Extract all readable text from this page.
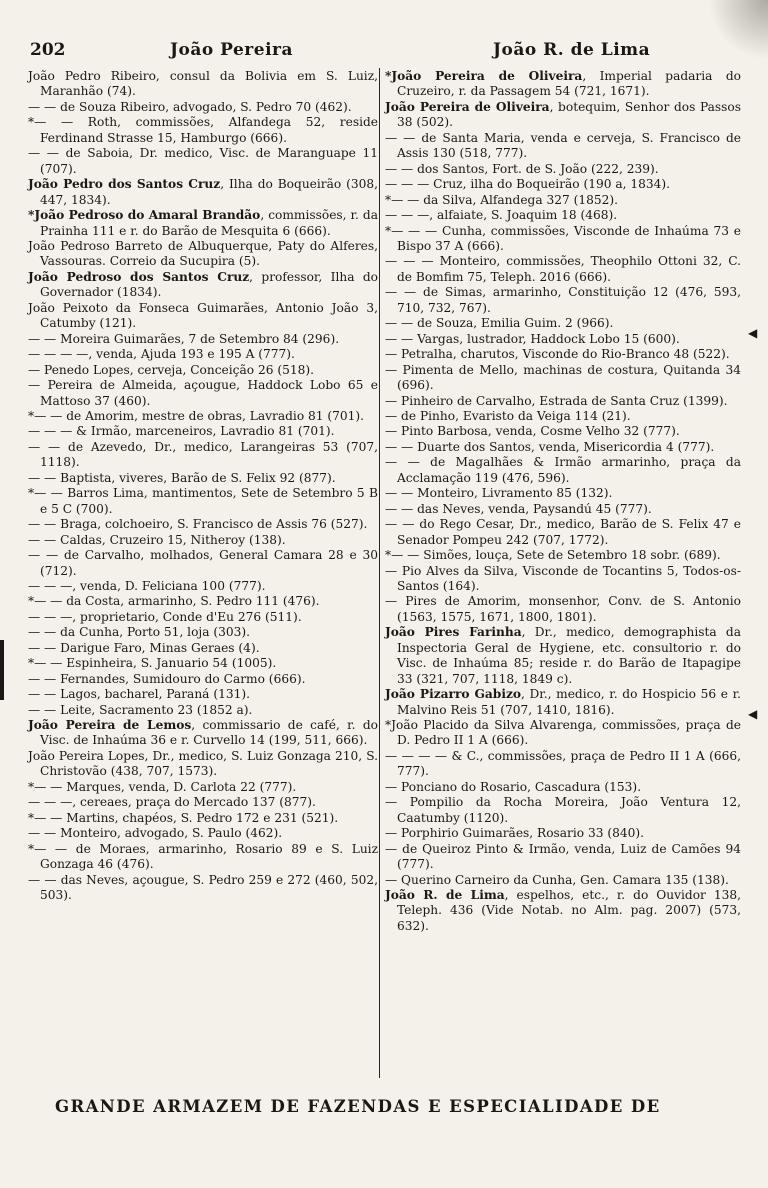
202	João Pereira	João R. de Lima

João Pedro Ribeiro, consul da Bolivia em S. Luiz, Maranhão (74).

— — de Souza Ribeiro, advogado, S. Pedro 70 (462).

*— — Roth, commissões, Alfandega 52, reside Ferdinand Strasse 15, Hamburgo (666).

— — de Saboia, Dr. medico, Visc. de Maranguape 11 (707).

João Pedro dos Santos Cruz, Ilha do Boqueirão (308, 447, 1834).

*João Pedroso do Amaral Brandão, commissões, r. da Prainha 111 e r. do Barão de Mesquita 6 (666).

João Pedroso Barreto de Albuquerque, Paty do Alferes, Vassouras. Correio da Sucupira (5).

João Pedroso dos Santos Cruz, professor, Ilha do Governador (1834).

João Peixoto da Fonseca Guimarães, Antonio João 3, Catumby (121).

— — Moreira Guimarães, 7 de Setembro 84 (296).

— — — —, venda, Ajuda 193 e 195 A (777).

— Penedo Lopes, cerveja, Conceição 26 (518).

— Pereira de Almeida, açougue, Haddock Lobo 65 e Mattoso 37 (460).

*— — de Amorim, mestre de obras, Lavradio 81 (701).

— — — & Irmão, marceneiros, Lavradio 81 (701).

— — de Azevedo, Dr., medico, Larangeiras 53 (707, 1118).

— — Baptista, viveres, Barão de S. Felix 92 (877).

*— — Barros Lima, mantimentos, Sete de Setembro 5 B e 5 C (700).

— — Braga, colchoeiro, S. Francisco de Assis 76 (527).

— — Caldas, Cruzeiro 15, Nitheroy (138).

— — de Carvalho, molhados, General Camara 28 e 30 (712).

— — —, venda, D. Feliciana 100 (777).

*— — da Costa, armarinho, S. Pedro 111 (476).

— — —, proprietario, Conde d'Eu 276 (511).

— — da Cunha, Porto 51, loja (303).

— — Darigue Faro, Minas Geraes (4).

*— — Espinheira, S. Januario 54 (1005).

— — Fernandes, Sumidouro do Carmo (666).

— — Lagos, bacharel, Paraná (131).

— — Leite, Sacramento 23 (1852 a).

João Pereira de Lemos, commissario de café, r. do Visc. de Inhaúma 36 e r. Curvello 14 (199, 511, 666).

João Pereira Lopes, Dr., medico, S. Luiz Gonzaga 210, S. Christovão (438, 707, 1573).

*— — Marques, venda, D. Carlota 22 (777).

— — —, cereaes, praça do Mercado 137 (877).

*— — Martins, chapéos, S. Pedro 172 e 231 (521).

— — Monteiro, advogado, S. Paulo (462).

*— — de Moraes, armarinho, Rosario 89 e S. Luiz Gonzaga 46 (476).

— — das Neves, açougue, S. Pedro 259 e 272 (460, 502, 503).

*João Pereira de Oliveira, Imperial padaria do Cruzeiro, r. da Passagem 54 (721, 1671).

João Pereira de Oliveira, botequim, Senhor dos Passos 38 (502).

— — de Santa Maria, venda e cerveja, S. Francisco de Assis 130 (518, 777).

— — dos Santos, Fort. de S. João (222, 239).

— — — Cruz, ilha do Boqueirão (190 a, 1834).

*— — da Silva, Alfandega 327 (1852).

— — —, alfaiate, S. Joaquim 18 (468).

*— — — Cunha, commissões, Visconde de Inhaúma 73 e Bispo 37 A (666).

— — — Monteiro, commissões, Theophilo Ottoni 32, C. de Bomfim 75, Teleph. 2016 (666).

— — de Simas, armarinho, Constituição 12 (476, 593, 710, 732, 767).

— — de Souza, Emilia Guim. 2 (966).

— — Vargas, lustrador, Haddock Lobo 15 (600).

— Petralha, charutos, Visconde do Rio-Branco 48 (522).

— Pimenta de Mello, machinas de costura, Quitanda 34 (696).

— Pinheiro de Carvalho, Estrada de Santa Cruz (1399).

— de Pinho, Evaristo da Veiga 114 (21).

— Pinto Barbosa, venda, Cosme Velho 32 (777).

— — Duarte dos Santos, venda, Misericordia 4 (777).

— — de Magalhães & Irmão armarinho, praça da Acclamação 119 (476, 596).

— — Monteiro, Livramento 85 (132).

— — das Neves, venda, Paysandú 45 (777).

— — do Rego Cesar, Dr., medico, Barão de S. Felix 47 e Senador Pompeu 242 (707, 1772).

*— — Simões, louça, Sete de Setembro 18 sobr. (689).

— Pio Alves da Silva, Visconde de Tocantins 5, Todos-os-Santos (164).

— Pires de Amorim, monsenhor, Conv. de S. Antonio (1563, 1575, 1671, 1800, 1801).

João Pires Farinha, Dr., medico, demographista da Inspectoria Geral de Hygiene, etc. consultorio r. do Visc. de Inhaúma 85; reside r. do Barão de Itapagipe 33 (321, 707, 1118, 1849 c).

João Pizarro Gabizo, Dr., medico, r. do Hospicio 56 e r. Malvino Reis 51 (707, 1410, 1816).

*João Placido da Silva Alvarenga, commissões, praça de D. Pedro II 1 A (666).

— — — — & C., commissões, praça de Pedro II 1 A (666, 777).

— Ponciano do Rosario, Cascadura (153).

— Pompilio da Rocha Moreira, João Ventura 12, Caatumby (1120).

— Porphirio Guimarães, Rosario 33 (840).

— de Queiroz Pinto & Irmão, venda, Luiz de Camões 94 (777).

— Querino Carneiro da Cunha, Gen. Camara 135 (138).

João R. de Lima, espelhos, etc., r. do Ouvidor 138, Teleph. 436 (Vide Notab. no Alm. pag. 2007) (573, 632).

◀
◀
GRANDE ARMAZEM DE FAZENDAS E ESPECIALIDADE DE
